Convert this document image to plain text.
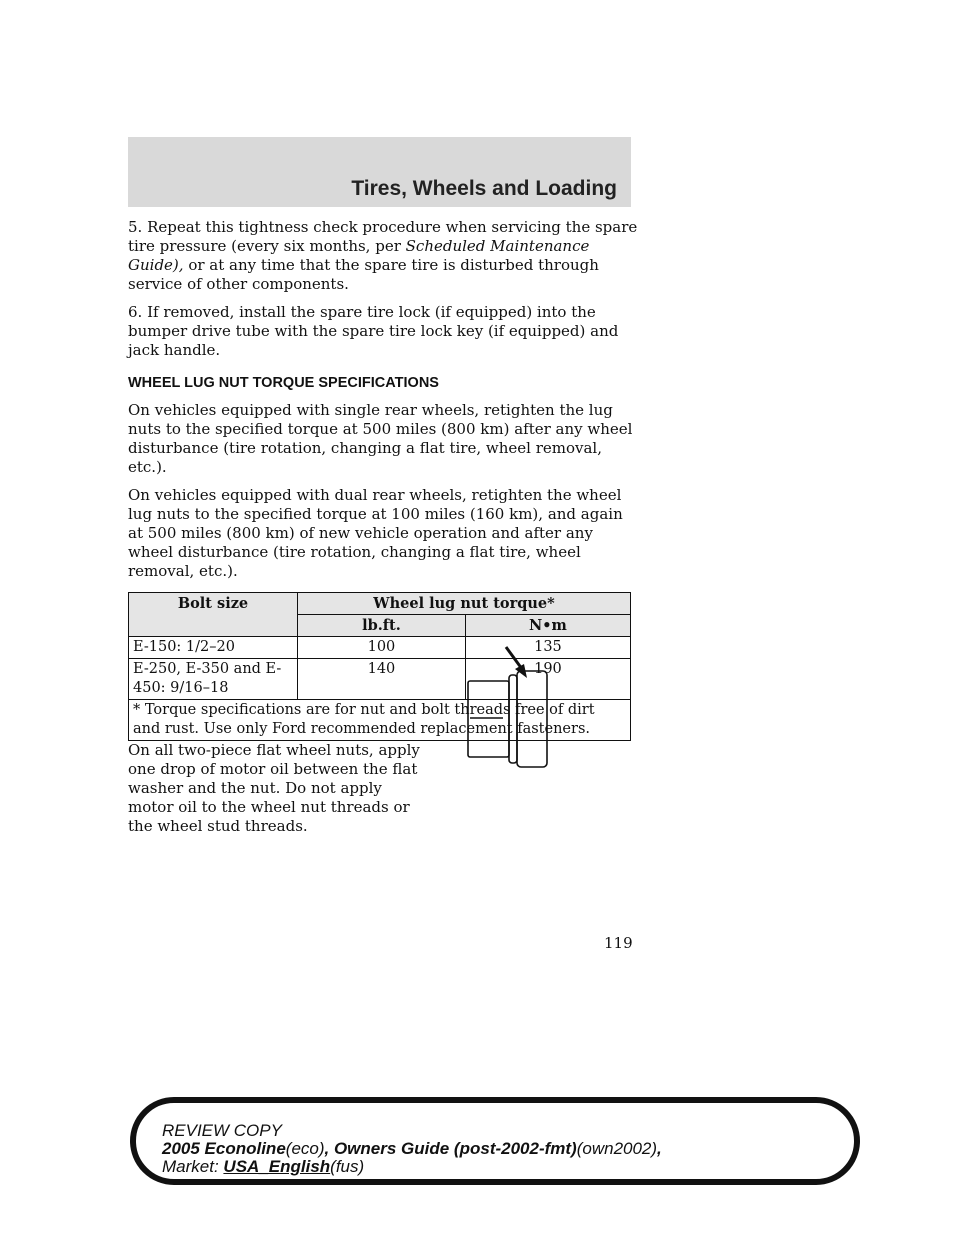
Tires, Wheels and Loading

5. Repeat this tightness check procedure when servicing the spare tire pressure (every six months, per Scheduled Maintenance Guide), or at any time that the spare tire is disturbed through service of other components.

6. If removed, install the spare tire lock (if equipped) into the bumper drive tube with the spare tire lock key (if equipped) and jack handle.

WHEEL LUG NUT TORQUE SPECIFICATIONS

On vehicles equipped with single rear wheels, retighten the lug nuts to the specified torque at 500 miles (800 km) after any wheel disturbance (tire rotation, changing a flat tire, wheel removal, etc.).

On vehicles equipped with dual rear wheels, retighten the wheel lug nuts to the specified torque at 100 miles (160 km), and again at 500 miles (800 km) of new vehicle operation and after any wheel disturbance (tire rotation, changing a flat tire, wheel removal, etc.).

Bolt size	Wheel lug nut torque*	
	lb.ft.	N•m
E-150: 1/2–20	100	135
E-250, E-350 and E-450: 9/16–18	140	190
* Torque specifications are for nut and bolt threads free of dirt and rust. Use only Ford recommended replacement fasteners.		

On all two-piece flat wheel nuts, apply one drop of motor oil between the flat washer and the nut. Do not apply motor oil to the wheel nut threads or the wheel stud threads.

119
REVIEW COPY
2005 Econoline(eco), Owners Guide (post-2002-fmt)(own2002),
Market: USA_English(fus)
